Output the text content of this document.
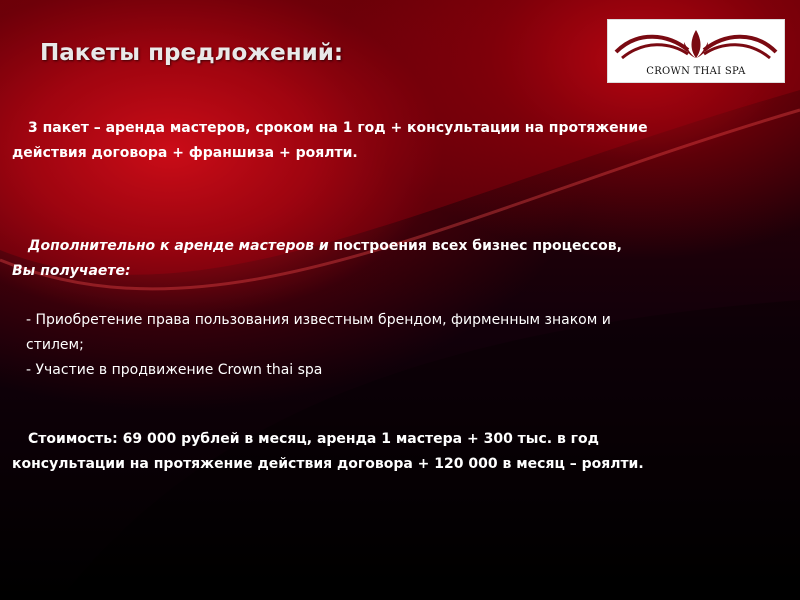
Пакеты предложений:
CROWN THAI SPA
3 пакет – аренда мастеров, сроком на 1 год + консультации на протяжение действия договора + франшиза + роялти.
Дополнительно к аренде мастеров и построения всех бизнес процессов,
Вы получаете:
- Приобретение права пользования известным брендом, фирменным знаком и стилем;
- Участие в продвижение Crown thai spa
Стоимость: 69 000 рублей в месяц, аренда 1 мастера + 300 тыс. в год консультации на протяжение действия договора + 120 000 в месяц – роялти.
